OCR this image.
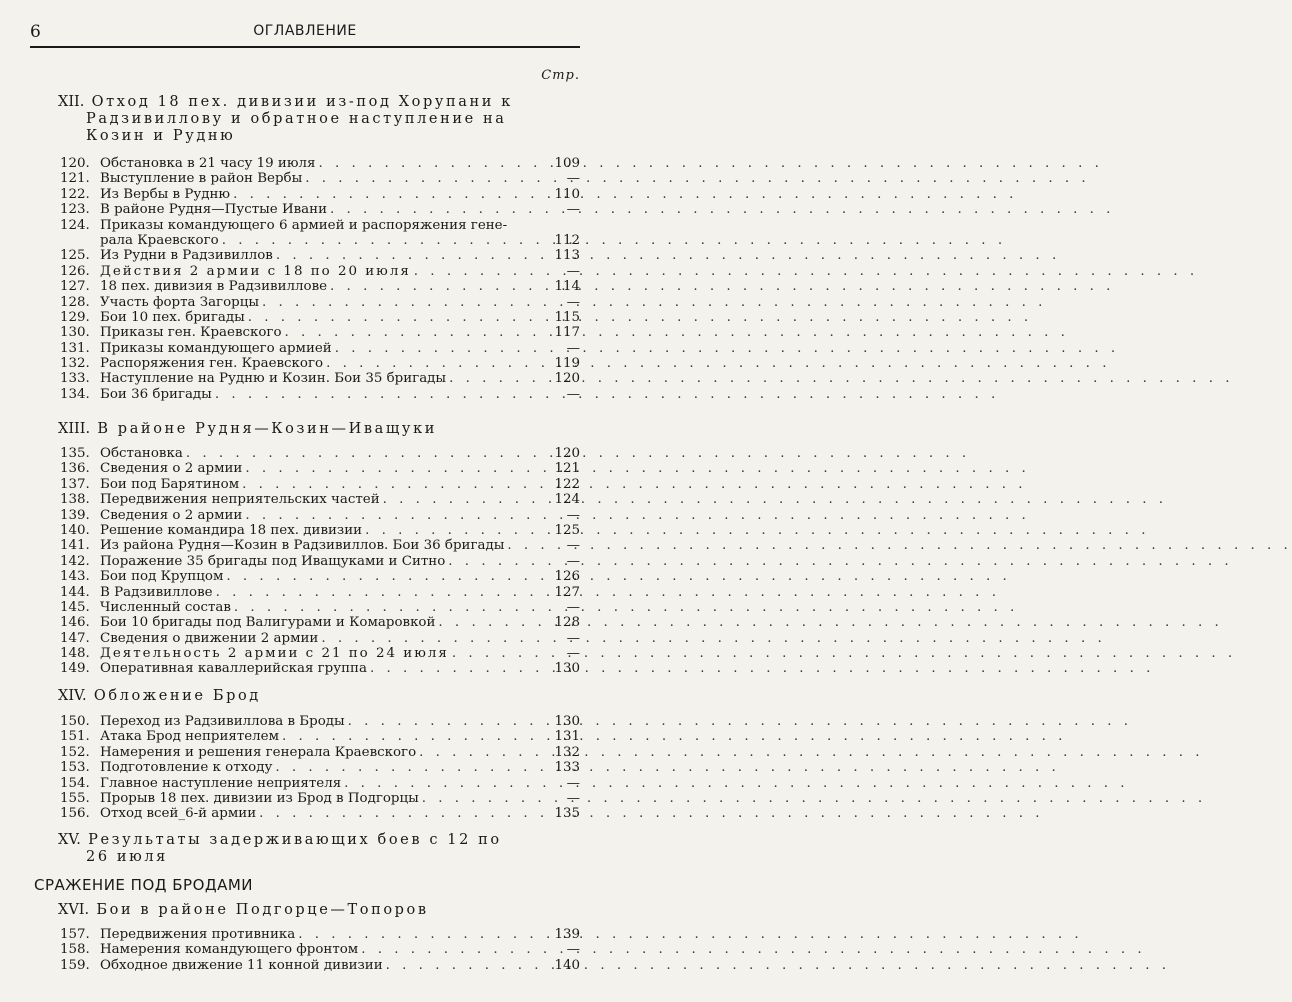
6	ОГЛАВЛЕНИЕ
Стр.
XII. Отход 18 пех. дивизии из-под Хорупани к
Радзивиллову и обратное наступление на
Козин и Рудню
120. Обстановка в 21 часу 19 июля . . .	109
121. Выступление в район Вербы . . .	—
122. Из Вербы в Рудню . . .	110
123. В районе Рудня—Пустые Ивани . . .	—
124. Приказы командующего 6 армией и распоряжения гене-
рала Краевского . . .	112
125. Из Рудни в Радзивиллов . . .	113
126. Действия 2 армии с 18 по 20 июля . . .	—
127. 18 пех. дивизия в Радзивиллове . . .	114
128. Участь форта Загорцы . . .	—
129. Бои 10 пех. бригады . . .	115
130. Приказы ген. Краевского . . .	117
131. Приказы командующего армией . . .	—
132. Распоряжения ген. Краевского . . .	119
133. Наступление на Рудню и Козин. Бои 35 бригады . . .	120
134. Бои 36 бригады . . .	—
XIII. В районе Рудня—Козин—Иващуки
135. Обстановка . . .	120
136. Сведения о 2 армии . . .	121
137. Бои под Барятином . . .	122
138. Передвижения неприятельских частей . . .	124
139. Сведения о 2 армии . . .	—
140. Решение командира 18 пех. дивизии . . .	125
141. Из района Рудня—Козин в Радзивиллов. Бои 36 бригады . . .	—
142. Поражение 35 бригады под Иващуками и Ситно . . .	—
143. Бои под Крупцом . . .	126
144. В Радзивиллове . . .	127
145. Численный состав . . .	—
146. Бои 10 бригады под Валигурами и Комаровкой . . .	128
147. Сведения о движении 2 армии . . .	—
148. Деятельность 2 армии с 21 по 24 июля . . .	—
149. Оперативная каваллерийская группа . . .	130
XIV. Обложение Брод
150. Переход из Радзивиллова в Броды . . .	130
151. Атака Брод неприятелем . . .	131
152. Намерения и решения генерала Краевского . . .	132
153. Подготовление к отходу . . .	133
154. Главное наступление неприятеля . . .	—
155. Прорыв 18 пех. дивизии из Брод в Подгорцы . . .	—
156. Отход всей_6-й армии . . .	135
XV. Результаты задерживающих боев с 12 по
26 июля
СРАЖЕНИЕ ПОД БРОДАМИ
XVI. Бои в районе Подгорце—Топоров
157. Передвижения противника . . .	139
158. Намерения командующего фронтом . . .	—
159. Обходное движение 11 конной дивизии . . .	140
